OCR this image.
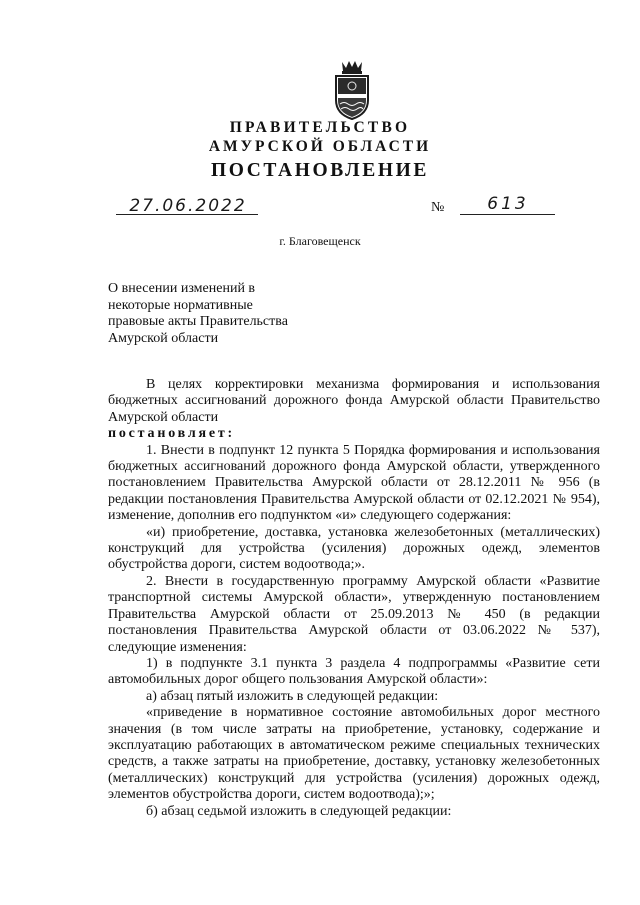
ПРАВИТЕЛЬСТВО
АМУРСКОЙ ОБЛАСТИ
ПОСТАНОВЛЕНИЕ
27.06.2022	№	613
г. Благовещенск
О внесении изменений в
некоторые нормативные
правовые акты Правительства
Амурской области

В целях корректировки механизма формирования и использования бюджетных ассигнований дорожного фонда Амурской области Правительство Амурской области

постановляет:

1. Внести в подпункт 12 пункта 5 Порядка формирования и использования бюджетных ассигнований дорожного фонда Амурской области, утвержденного постановлением Правительства Амурской области от 28.12.2011 № 956 (в редакции постановления Правительства Амурской области от 02.12.2021 № 954), изменение, дополнив его подпунктом «и» следующего содержания:

«и) приобретение, доставка, установка железобетонных (металлических) конструкций для устройства (усиления) дорожных одежд, элементов обустройства дороги, систем водоотвода;».

2. Внести в государственную программу Амурской области «Развитие транспортной системы Амурской области», утвержденную постановлением Правительства Амурской области от 25.09.2013 № 450 (в редакции постановления Правительства Амурской области от 03.06.2022 № 537), следующие изменения:

1) в подпункте 3.1 пункта 3 раздела 4 подпрограммы «Развитие сети автомобильных дорог общего пользования Амурской области»:

а) абзац пятый изложить в следующей редакции:

«приведение в нормативное состояние автомобильных дорог местного значения (в том числе затраты на приобретение, установку, содержание и эксплуатацию работающих в автоматическом режиме специальных технических средств, а также затраты на приобретение, доставку, установку железобетонных (металлических) конструкций для устройства (усиления) дорожных одежд, элементов обустройства дороги, систем водоотвода);»;

б) абзац седьмой изложить в следующей редакции:
